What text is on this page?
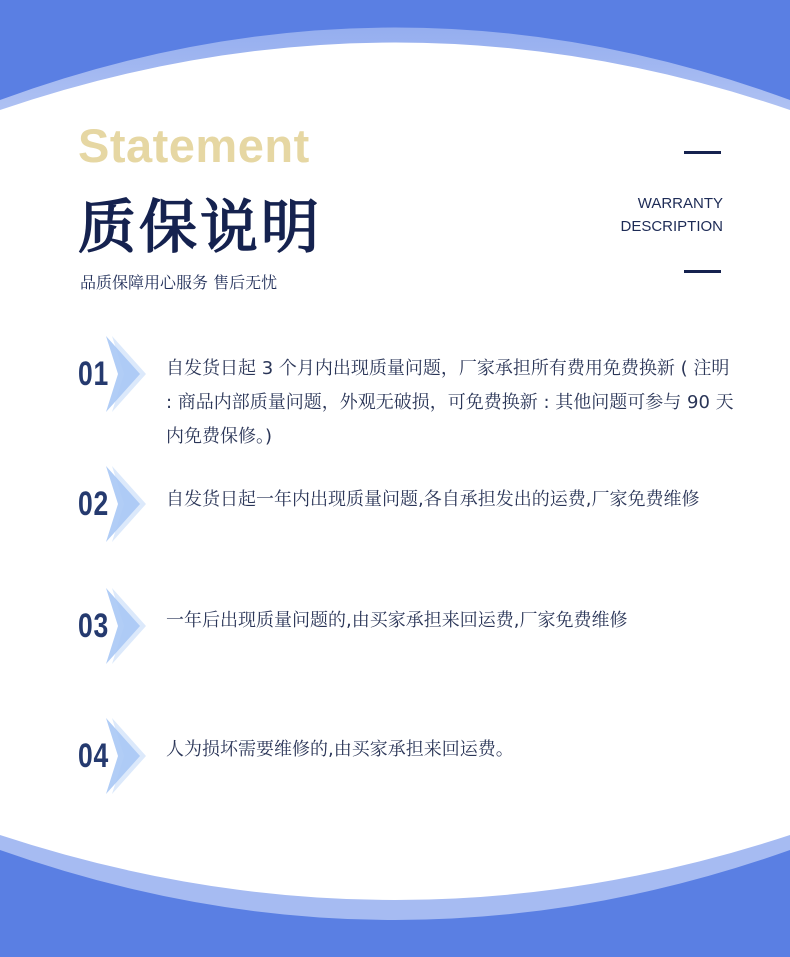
Statement
质保说明
品质保障用心服务 售后无忧
WARRANTY
DESCRIPTION
01	自发货日起 3 个月内出现质量问题，厂家承担所有费用免费换新 ( 注明 : 商品内部质量问题，外观无破损，可免费换新 : 其他问题可参与 90 天内免费保修。)
02	自发货日起一年内出现质量问题,各自承担发出的运费,厂家免费维修
03	一年后出现质量问题的,由买家承担来回运费,厂家免费维修
04	人为损坏需要维修的,由买家承担来回运费。
